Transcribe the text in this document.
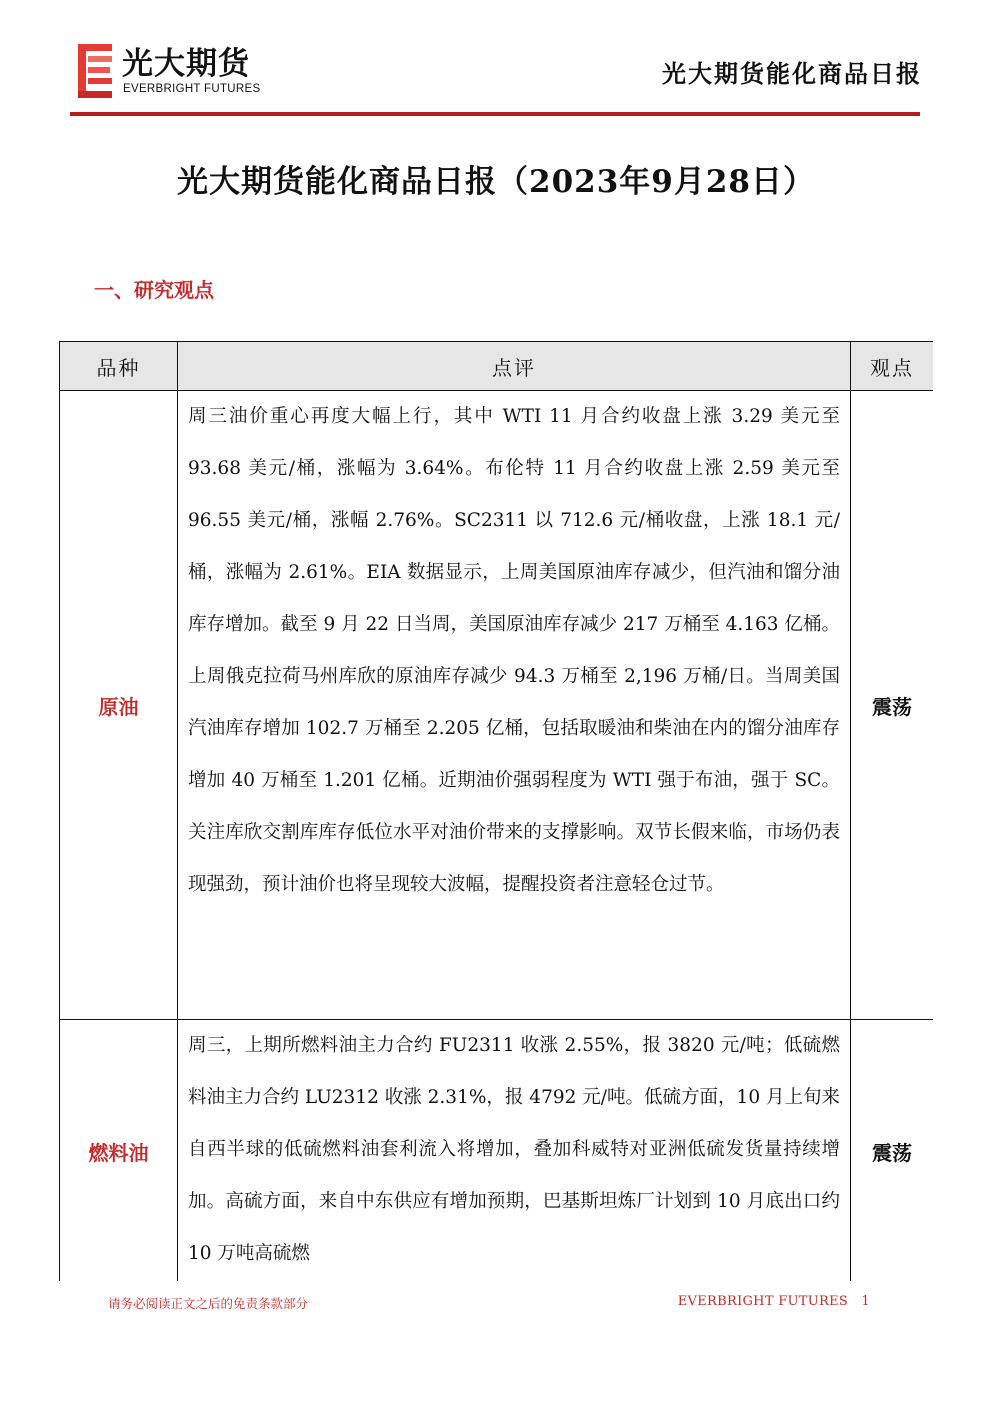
光大期货
EVERBRIGHT FUTURES
光大期货能化商品日报
光大期货能化商品日报（2023年9月28日）
一、研究观点
品种	点评	观点
原油	周三油价重心再度大幅上行，其中 WTI 11 月合约收盘上涨 3.29 美元至 93.68 美元/桶，涨幅为 3.64%。布伦特 11 月合约收盘上涨 2.59 美元至 96.55 美元/桶，涨幅 2.76%。SC2311 以 712.6 元/桶收盘，上涨 18.1 元/桶，涨幅为 2.61%。EIA 数据显示，上周美国原油库存减少，但汽油和馏分油库存增加。截至 9 月 22 日当周，美国原油库存减少 217 万桶至 4.163 亿桶。上周俄克拉荷马州库欣的原油库存减少 94.3 万桶至 2,196 万桶/日。当周美国汽油库存增加 102.7 万桶至 2.205 亿桶，包括取暖油和柴油在内的馏分油库存增加 40 万桶至 1.201 亿桶。近期油价强弱程度为 WTI 强于布油，强于 SC。关注库欣交割库库存低位水平对油价带来的支撑影响。双节长假来临，市场仍表现强劲，预计油价也将呈现较大波幅，提醒投资者注意轻仓过节。	震荡
燃料油	周三，上期所燃料油主力合约 FU2311 收涨 2.55%，报 3820 元/吨；低硫燃料油主力合约 LU2312 收涨 2.31%，报 4792 元/吨。低硫方面，10 月上旬来自西半球的低硫燃料油套利流入将增加，叠加科威特对亚洲低硫发货量持续增加。高硫方面，来自中东供应有增加预期，巴基斯坦炼厂计划到 10 月底出口约 10 万吨高硫燃	震荡
请务必阅读正文之后的免责条款部分	EVERBRIGHT FUTURES 1
